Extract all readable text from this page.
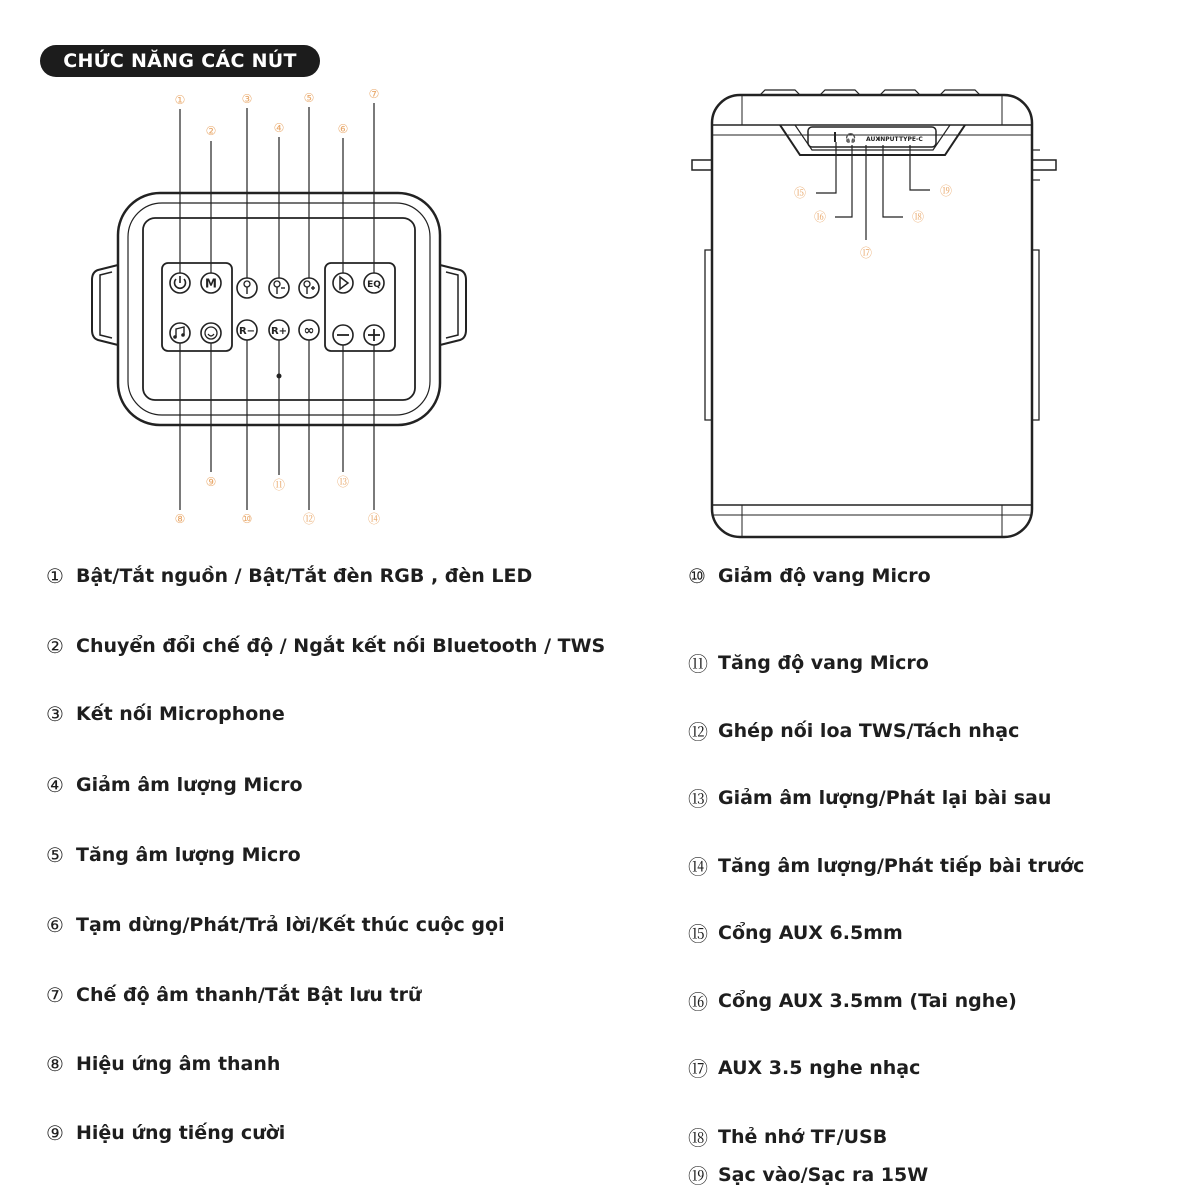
CHỨC NĂNG CÁC NÚT
M
R− R+ ∞
EQ
①
②
③
④
⑤
⑥
⑦
⑧
⑨
⑩
⑪
⑫
⑬
⑭
🎧 AUX
INPUT TYPE-C
⑮
⑯
⑰
⑱
⑲
① Bật/Tắt nguồn / Bật/Tắt đèn RGB , đèn LED
② Chuyển đổi chế độ / Ngắt kết nối Bluetooth / TWS
③ Kết nối Microphone
④ Giảm âm lượng Micro
⑤ Tăng âm lượng Micro
⑥ Tạm dừng/Phát/Trả lời/Kết thúc cuộc gọi
⑦ Chế độ âm thanh/Tắt Bật lưu trữ
⑧ Hiệu ứng âm thanh
⑨ Hiệu ứng tiếng cười
⑩ Giảm độ vang Micro
⑪ Tăng độ vang Micro
⑫ Ghép nối loa TWS/Tách nhạc
⑬ Giảm âm lượng/Phát lại bài sau
⑭ Tăng âm lượng/Phát tiếp bài trước
⑮ Cổng AUX 6.5mm
⑯ Cổng AUX 3.5mm (Tai nghe)
⑰ AUX 3.5 nghe nhạc
⑱ Thẻ nhớ TF/USB
⑲ Sạc vào/Sạc ra 15W
